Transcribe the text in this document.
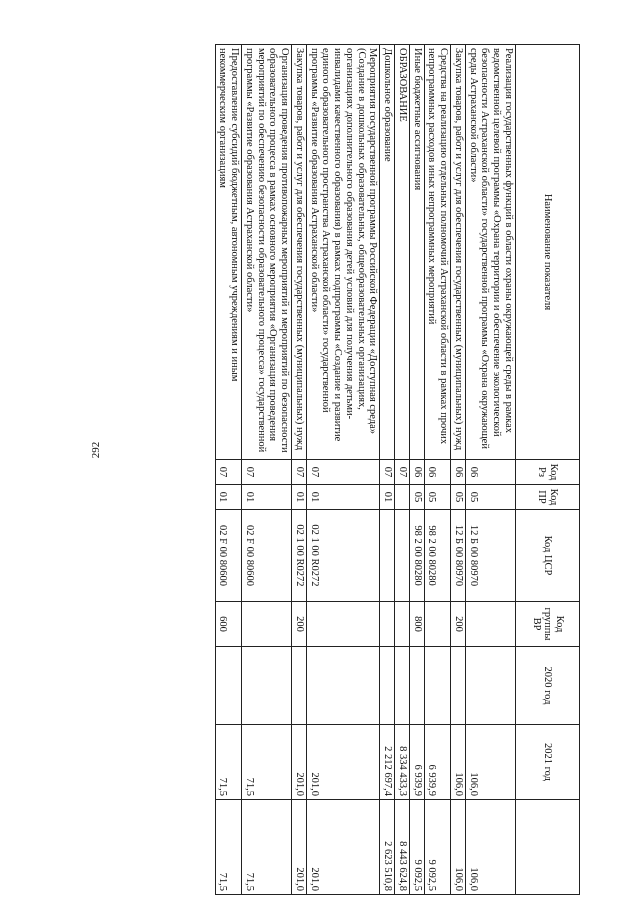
292
Наименование показателя	Код Рз	Код ПР	Код ЦСР	Код группы ВР	2020 год	2021 год	
Реализация государственных функций в области охраны окружающей среды в рамках ведомственной целевой программы «Охрана территории и обеспечение экологической безопасности Астраханской области» государственной программы «Охрана окружающей среды Астраханской области»	06	05	12 Б 00 80970			106,0	106,0
Закупка товаров, работ и услуг для обеспечения государственных (муниципальных) нужд	06	05	12 Б 00 80970	200		106,0	106,0
Средства на реализацию отдельных полномочий Астраханской области в рамках прочих непрограммных расходов иных непрограммных мероприятий	06	05	98 2 00 80280			6 939,9	9 092,5
Иные бюджетные ассигнования	06	05	98 2 00 80280	800		6 939,9	9 092,5
ОБРАЗОВАНИЕ	07					8 334 433,3	8 443 624,8
Дошкольное образование	07	01				2 212 697,4	2 623 510,8
Мероприятия государственной программы Российской Федерации «Доступная среда» (Создание в дошкольных образовательных, общеобразовательных организациях, организациях дополнительного образования детей условий для получения детьми-инвалидами качественного образования) в рамках подпрограммы «Создание и развитие единого образовательного пространства Астраханской области» государственной программы «Развитие образования Астраханской области»	07	01	02 1 00 R0272			201,0	201,0
Закупка товаров, работ и услуг для обеспечения государственных (муниципальных) нужд	07	01	02 1 00 R0272	200		201,0	201,0
Организация проведения противопожарных мероприятий и мероприятий по безопасности образовательного процесса в рамках основного мероприятия «Организация проведения мероприятий по обеспечению безопасности образовательного процесса» государственной программы «Развитие образования Астраханской области»	07	01	02 F 00 80600			71,5	71,5
Предоставление субсидий бюджетным, автономным учреждениям и иным некоммерческим организациям	07	01	02 F 00 80600	600		71,5	71,5
